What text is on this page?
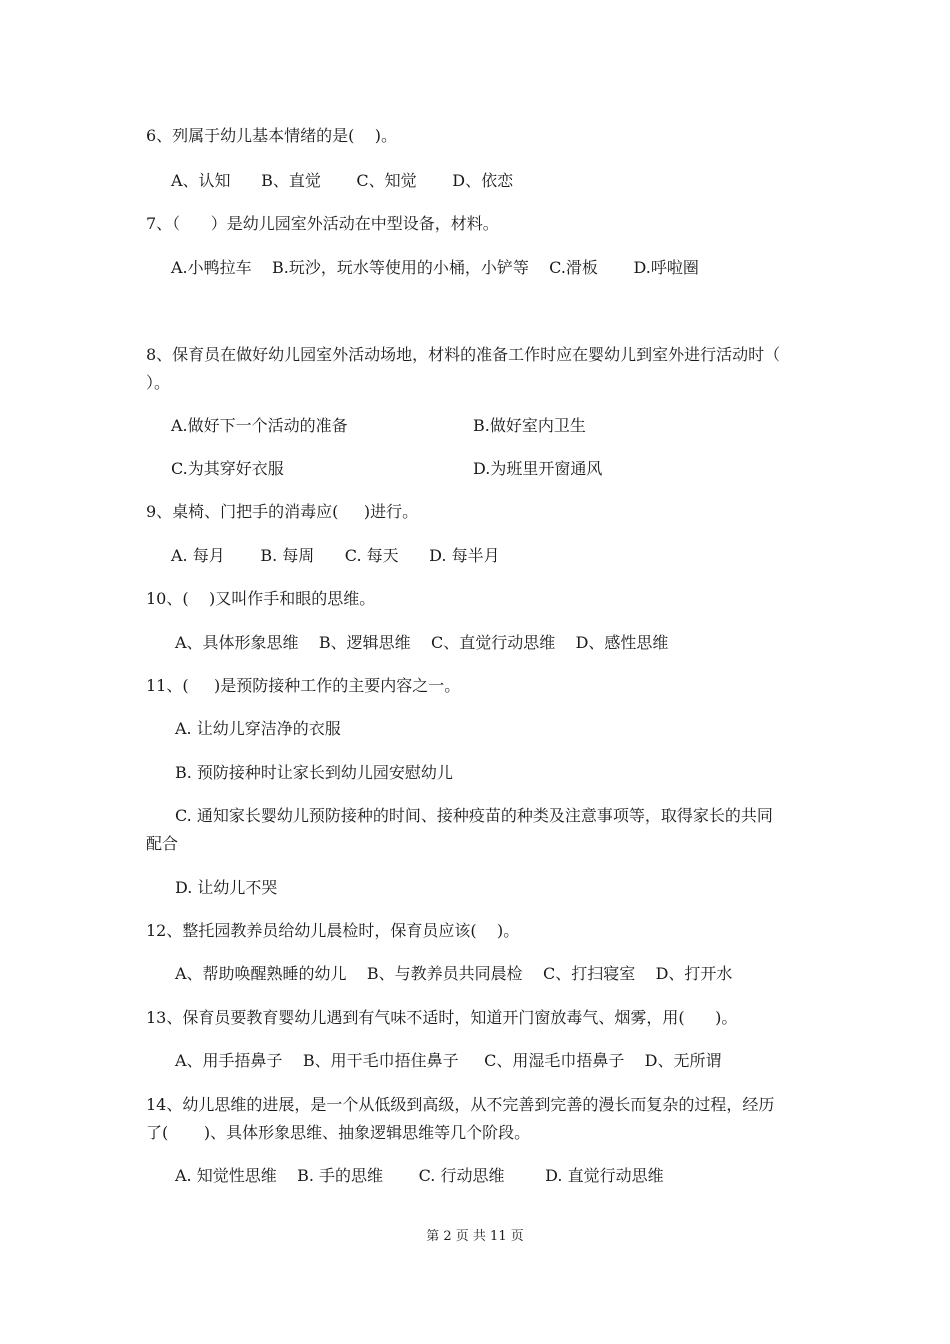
6、列属于幼儿基本情绪的是(    )。
A、认知      B、直觉       C、知觉       D、依恋
7、（      ）是幼儿园室外活动在中型设备，材料。
A.小鸭拉车    B.玩沙，玩水等使用的小桶，小铲等    C.滑板       D.呼啦圈
8、保育员在做好幼儿园室外活动场地，材料的准备工作时应在婴幼儿到室外进行活动时（
）。
A.做好下一个活动的准备	B.做好室内卫生
C.为其穿好衣服	D.为班里开窗通风
9、桌椅、门把手的消毒应(     )进行。
A. 每月       B. 每周      C. 每天      D. 每半月
10、(    )又叫作手和眼的思维。
A、具体形象思维    B、逻辑思维    C、直觉行动思维    D、感性思维
11、(     )是预防接种工作的主要内容之一。
A. 让幼儿穿洁净的衣服
B. 预防接种时让家长到幼儿园安慰幼儿
C. 通知家长婴幼儿预防接种的时间、接种疫苗的种类及注意事项等，取得家长的共同
配合
D. 让幼儿不哭
12、整托园教养员给幼儿晨检时，保育员应该(    )。
A、帮助唤醒熟睡的幼儿    B、与教养员共同晨检    C、打扫寝室    D、打开水
13、保育员要教育婴幼儿遇到有气味不适时，知道开门窗放毒气、烟雾，用(      )。
A、用手捂鼻子    B、用干毛巾捂住鼻子     C、用湿毛巾捂鼻子    D、无所谓
14、幼儿思维的进展，是一个从低级到高级，从不完善到完善的漫长而复杂的过程，经历
了(       )、具体形象思维、抽象逻辑思维等几个阶段。
A. 知觉性思维    B. 手的思维       C. 行动思维        D. 直觉行动思维
第 2 页 共 11 页
